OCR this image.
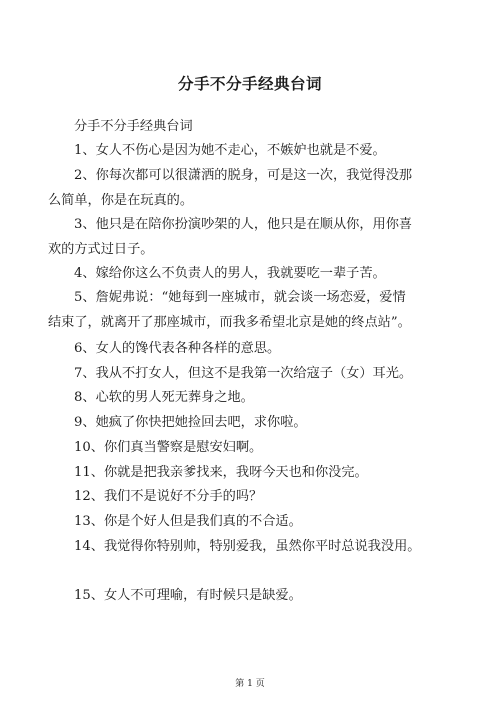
分手不分手经典台词
分手不分手经典台词
1、女人不伤心是因为她不走心，不嫉妒也就是不爱。
2、你每次都可以很潇洒的脱身，可是这一次，我觉得没那
么简单，你是在玩真的。
3、他只是在陪你扮演吵架的人，他只是在顺从你，用你喜
欢的方式过日子。
4、嫁给你这么不负责人的男人，我就要吃一辈子苦。
5、詹妮弗说：“她每到一座城市，就会谈一场恋爱，爱情
结束了，就离开了那座城市，而我多希望北京是她的终点站”。
6、女人的馋代表各种各样的意思。
7、我从不打女人，但这不是我第一次给寇子（女）耳光。
8、心软的男人死无葬身之地。
9、她疯了你快把她捡回去吧，求你啦。
10、你们真当警察是慰安妇啊。
11、你就是把我亲爹找来，我呀今天也和你没完。
12、我们不是说好不分手的吗？
13、你是个好人但是我们真的不合适。
14、我觉得你特别帅，特别爱我，虽然你平时总说我没用。
15、女人不可理喻，有时候只是缺爱。
第 1 页
